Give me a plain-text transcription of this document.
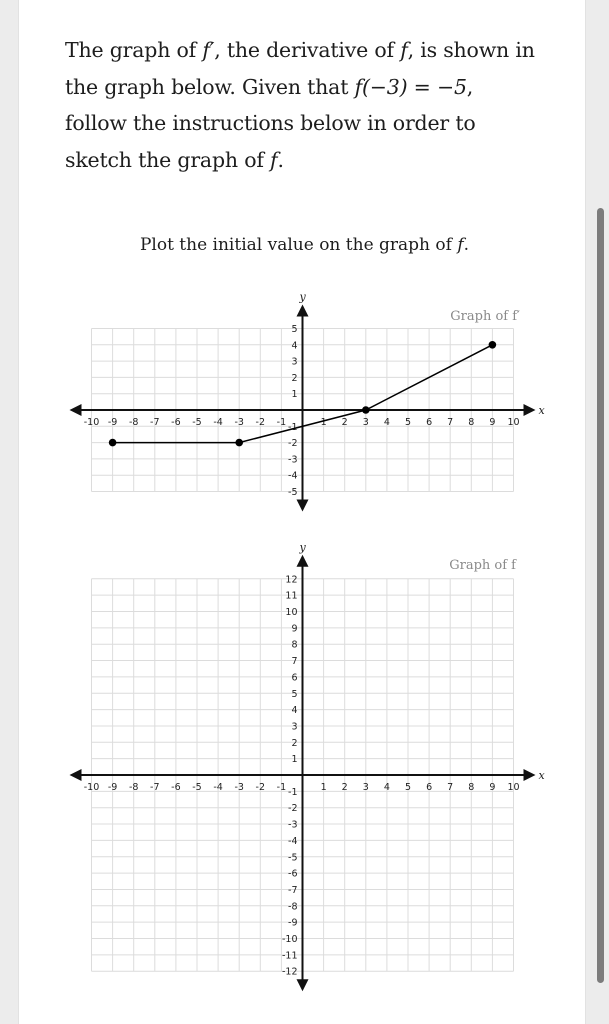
The graph of f′, the derivative of f, is shown in the graph below. Given that f(−3) = −5, follow the instructions below in order to sketch the graph of f.
Plot the initial value on the graph of f.
x
y
Graph of f′
-10 -9 -8 -7 -6 -5 -4 -3 -2 -1	1 2 3 4 5 6 7 8 9 10
5
4
3
2
1
-1
-2
-3
-4
-5
x
y
Graph of f
-10 -9 -8 -7 -6 -5 -4 -3 -2 -1	1 2 3 4 5 6 7 8 9 10
12
11
10
9
8
7
6
5
4
3
2
1
-1
-2
-3
-4
-5
-6
-7
-8
-9
-10
-11
-12
